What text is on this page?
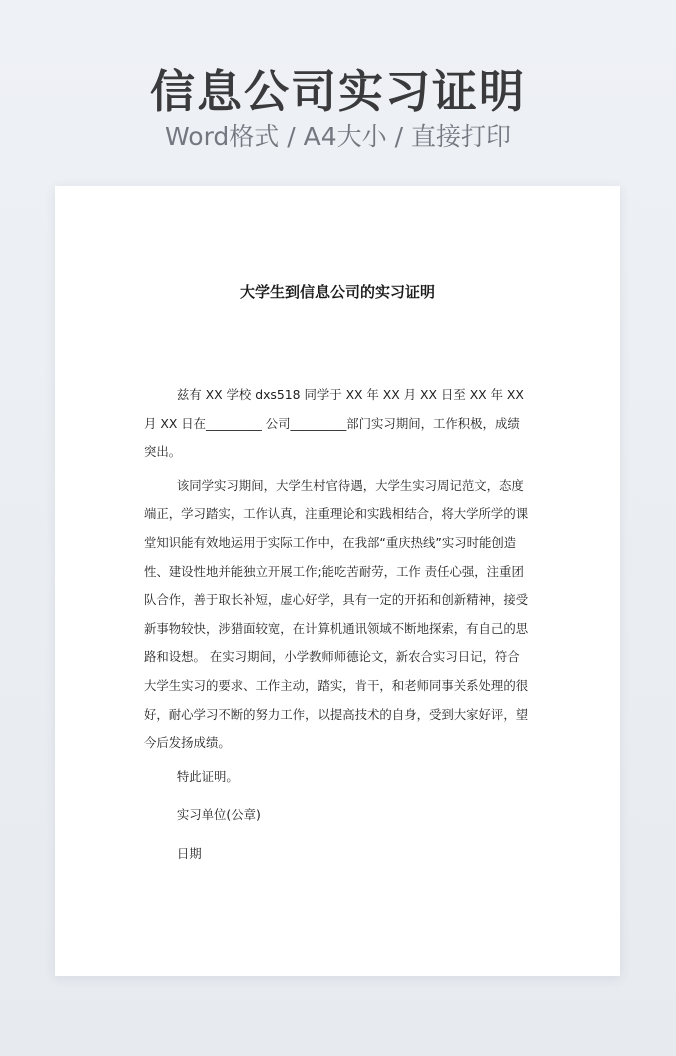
信息公司实习证明
Word格式 / A4大小 / 直接打印
大学生到信息公司的实习证明

兹有 XX 学校 dxs518 同学于 XX 年 XX 月 XX 日至 XX 年 XX 月 XX 日在_________ 公司_________部门实习期间，工作积极，成绩突出。

该同学实习期间，大学生村官待遇，大学生实习周记范文，态度端正，学习踏实，工作认真，注重理论和实践相结合，将大学所学的课堂知识能有效地运用于实际工作中，在我部“重庆热线”实习时能创造性、建设性地并能独立开展工作;能吃苦耐劳，工作 责任心强，注重团队合作，善于取长补短，虚心好学，具有一定的开拓和创新精神，接受新事物较快，涉猎面较宽，在计算机通讯领域不断地探索，有自己的思路和设想。 在实习期间，小学教师师德论文，新农合实习日记，符合大学生实习的要求、工作主动，踏实，肯干，和老师同事关系处理的很好，耐心学习不断的努力工作，以提高技术的自身，受到大家好评，望今后发扬成绩。

特此证明。

实习单位(公章)

日期
